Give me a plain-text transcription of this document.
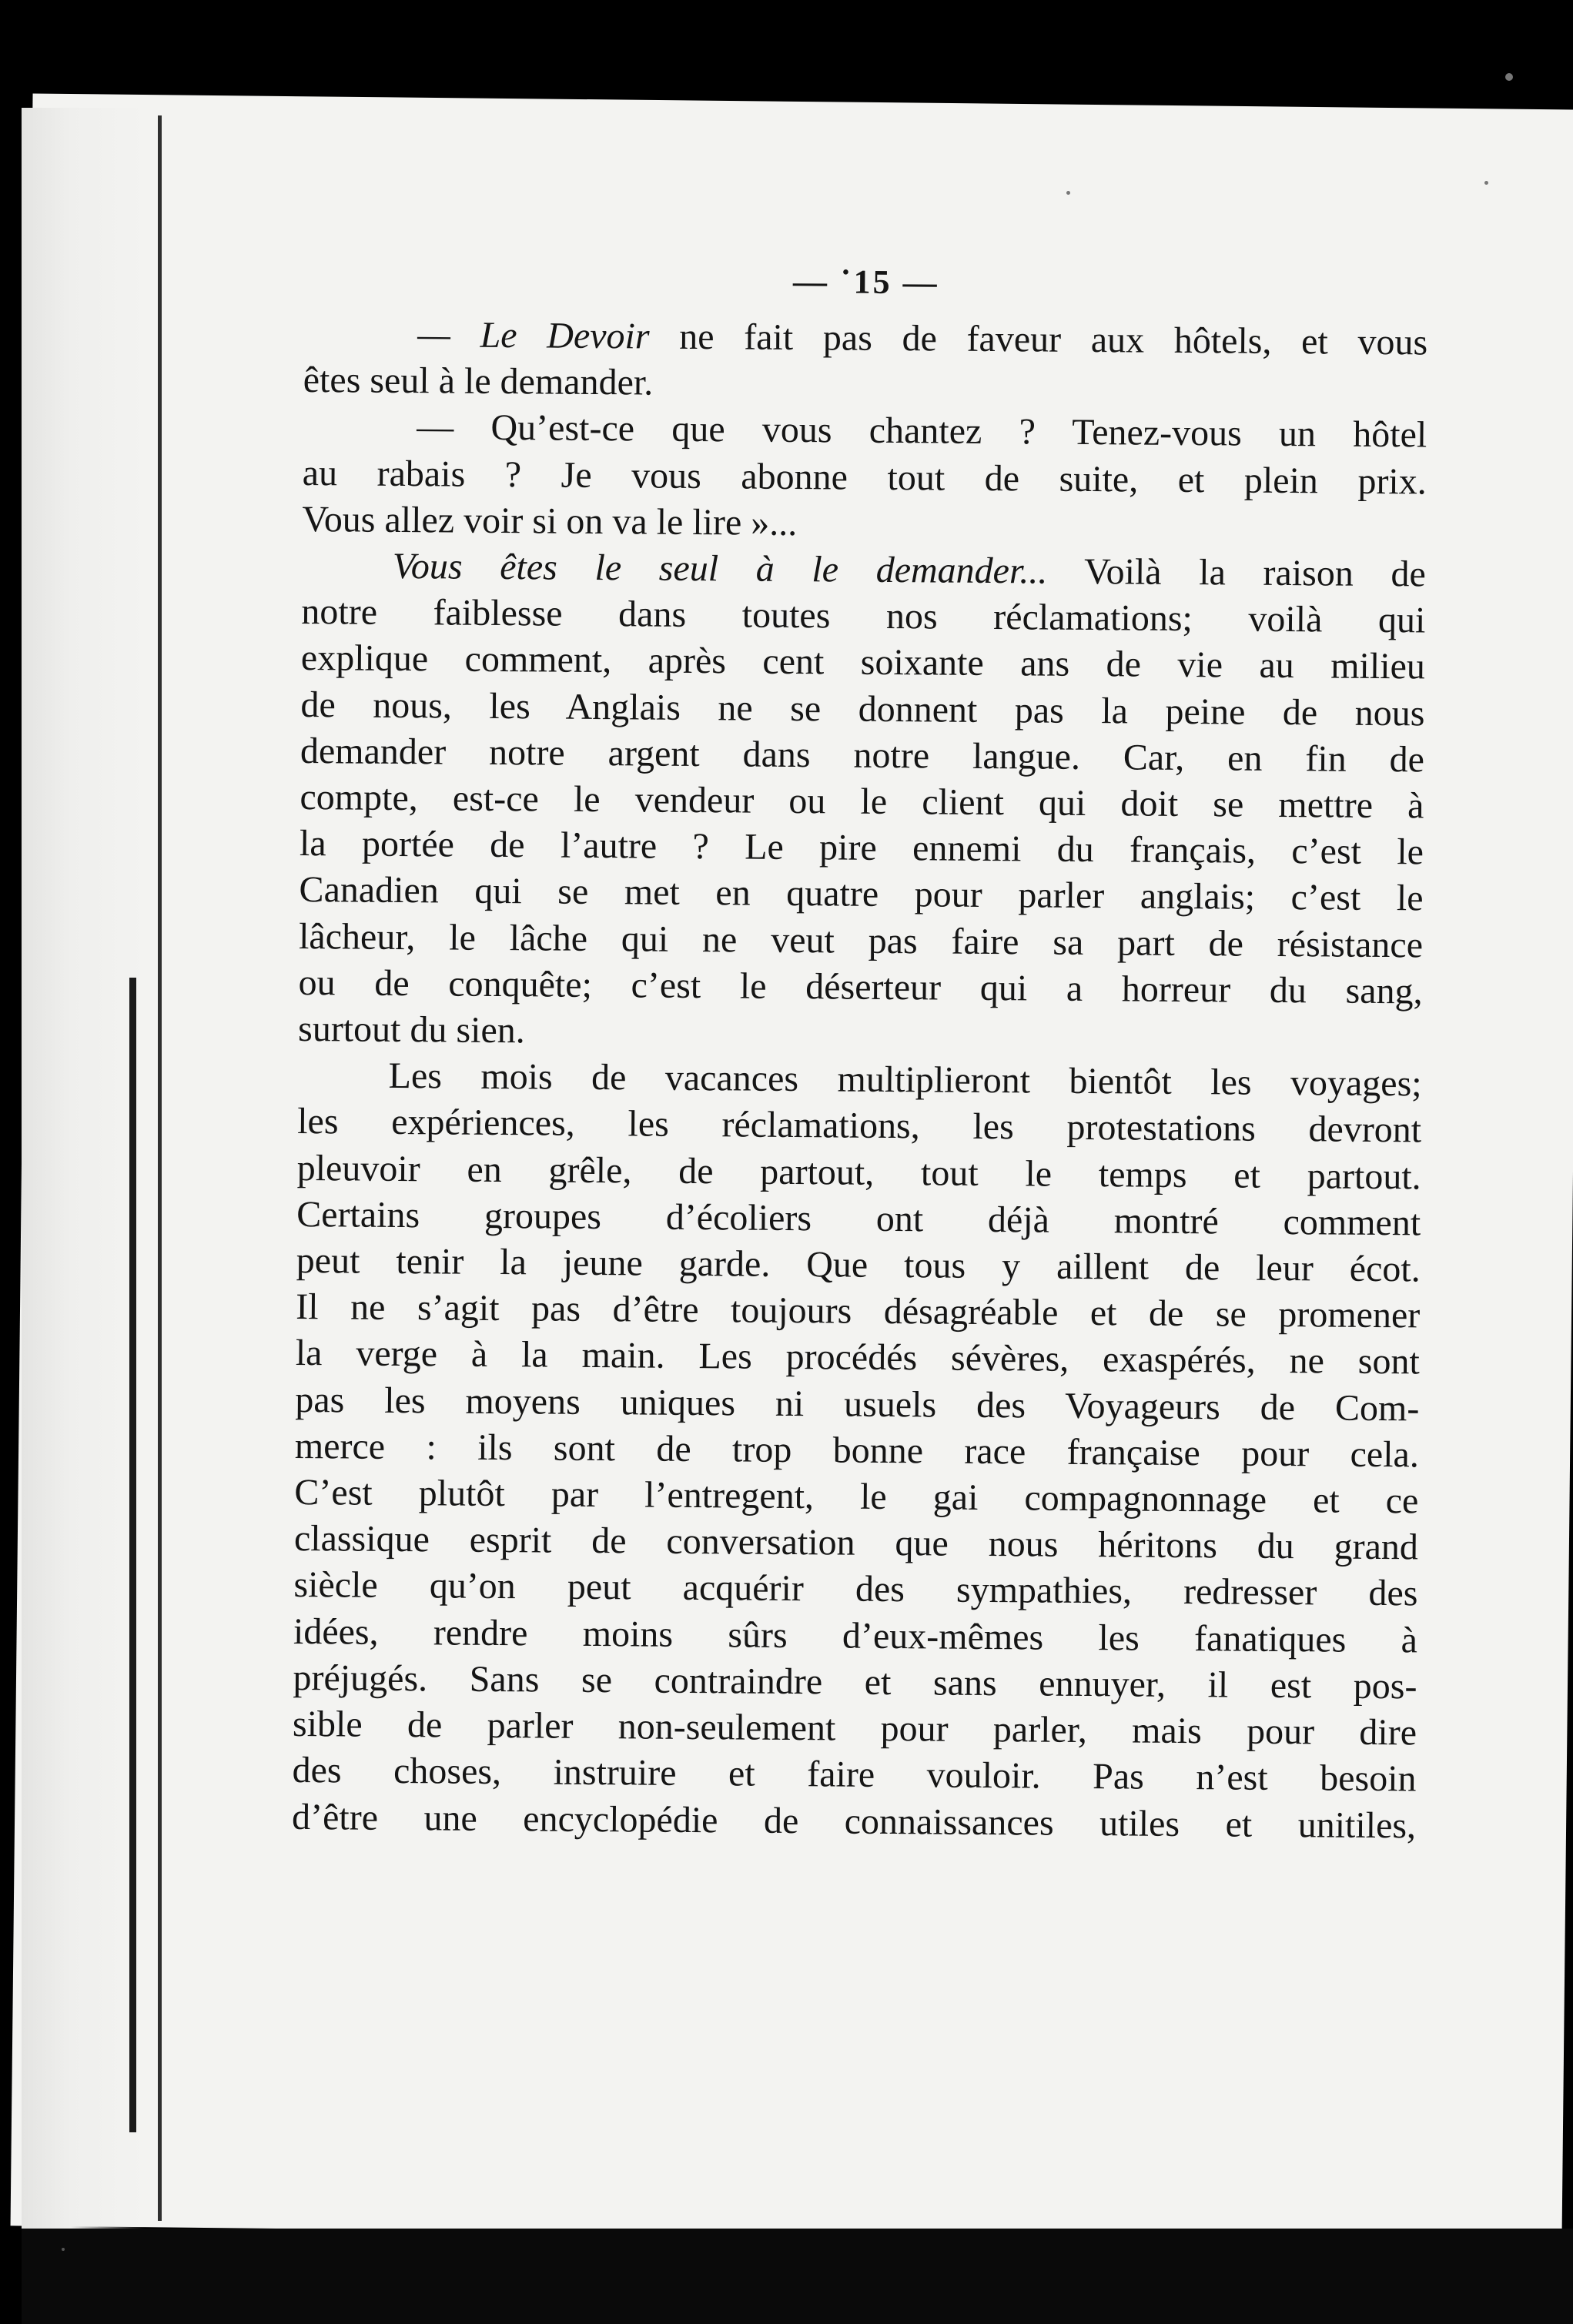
— ˙15 —

— Le Devoir ne fait pas de faveur aux hôtels, et vous
êtes seul à le demander.

— Qu’est-ce que vous chantez ? Tenez-vous un hôtel
au rabais ? Je vous abonne tout de suite, et plein prix.
Vous allez voir si on va le lire »...

Vous êtes le seul à le demander... Voilà la raison de
notre faiblesse dans toutes nos réclamations; voilà qui
explique comment, après cent soixante ans de vie au milieu
de nous, les Anglais ne se donnent pas la peine de nous
demander notre argent dans notre langue. Car, en fin de
compte, est-ce le vendeur ou le client qui doit se mettre à
la portée de l’autre ? Le pire ennemi du français, c’est le
Canadien qui se met en quatre pour parler anglais; c’est le
lâcheur, le lâche qui ne veut pas faire sa part de résistance
ou de conquête; c’est le déserteur qui a horreur du sang,
surtout du sien.

Les mois de vacances multiplieront bientôt les voyages;
les expériences, les réclamations, les protestations devront
pleuvoir en grêle, de partout, tout le temps et partout.
Certains groupes d’écoliers ont déjà montré comment
peut tenir la jeune garde. Que tous y aillent de leur écot.
Il ne s’agit pas d’être toujours désagréable et de se promener
la verge à la main. Les procédés sévères, exaspérés, ne sont
pas les moyens uniques ni usuels des Voyageurs de Com-
merce : ils sont de trop bonne race française pour cela.
C’est plutôt par l’entregent, le gai compagnonnage et ce
classique esprit de conversation que nous héritons du grand
siècle qu’on peut acquérir des sympathies, redresser des
idées, rendre moins sûrs d’eux-mêmes les fanatiques à
préjugés. Sans se contraindre et sans ennuyer, il est pos-
sible de parler non-seulement pour parler, mais pour dire
des choses, instruire et faire vouloir. Pas n’est besoin
d’être une encyclopédie de connaissances utiles et unitiles,
